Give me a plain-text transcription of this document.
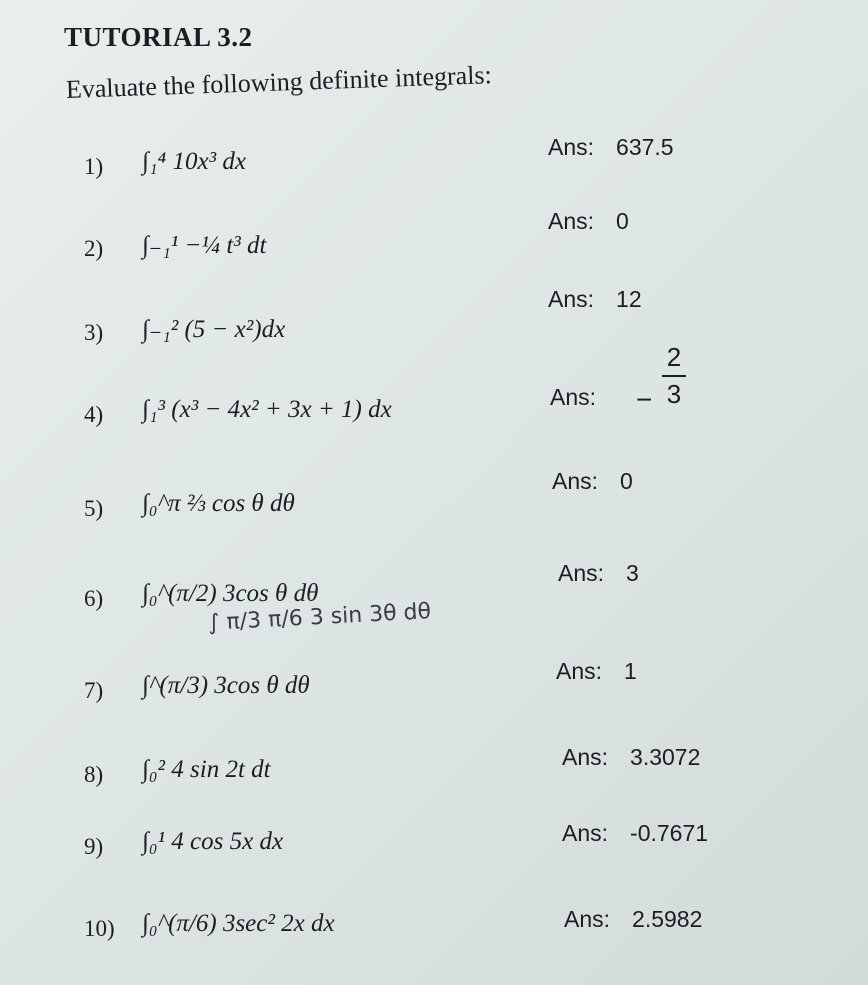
TUTORIAL 3.2
Evaluate the following definite integrals:
1) ∫₁⁴ 10x³ dx
Ans: 637.5
2) ∫₋₁¹ −¼ t³ dt
Ans: 0
3) ∫₋₁² (5 − x²)dx
Ans: 12
4) ∫₁³ (x³ − 4x² + 3x + 1) dx	Ans: −
2
3
5) ∫₀^π ⅔ cos θ dθ
Ans: 0
6) ∫₀^(π/2) 3cos θ dθ
Ans: 3
∫ π/3 π/6 3 sin 3θ dθ
7) ∫^(π/3) 3cos θ dθ
Ans: 1
8) ∫₀² 4 sin 2t dt	Ans: 3.3072
9) ∫₀¹ 4 cos 5x dx	Ans: -0.7671
10) ∫₀^(π/6) 3sec² 2x dx	Ans: 2.5982
